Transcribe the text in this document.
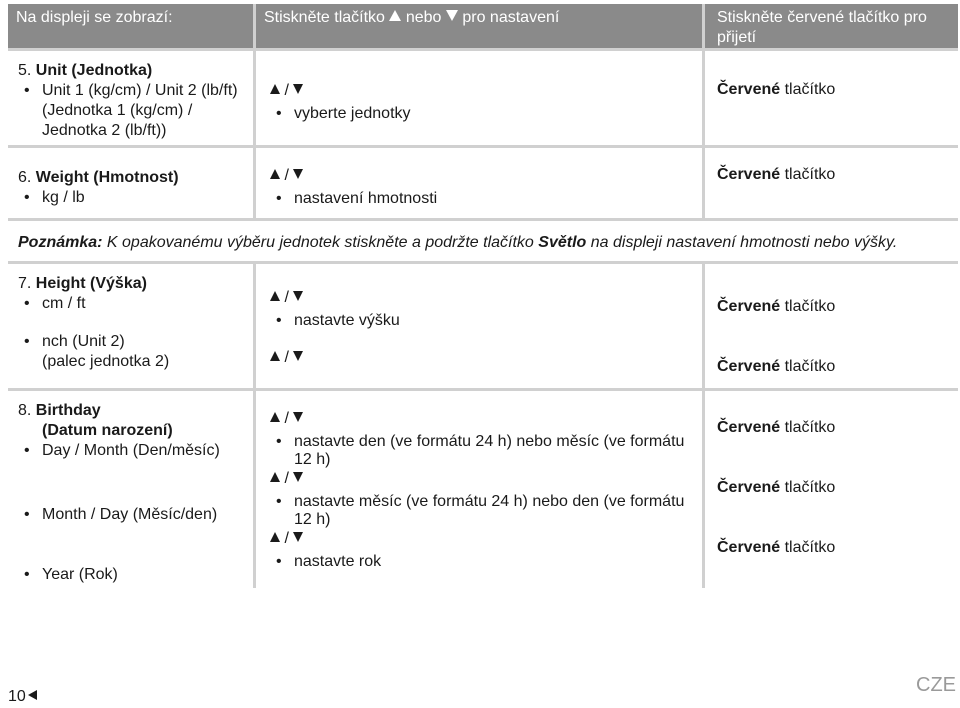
Na displeji se zobrazí:	Stiskněte tlačítko nebo pro nastavení	Stiskněte červené tlačítko pro
přijetí
5. Unit (Jednotka)
• Unit 1 (kg/cm) / Unit 2 (lb/ft)
(Jednotka 1 (kg/cm) /
Jednotka 2 (lb/ft))
/
• vyberte jednotky
Červené tlačítko
6. Weight (Hmotnost)
• kg / lb
/
• nastavení hmotnosti
Červené tlačítko
Poznámka: K opakovanému výběru jednotek stiskněte a podržte tlačítko Světlo na displeji nastavení hmotnosti nebo výšky.
7. Height (Výška)
• cm / ft
• nch (Unit 2)
(palec jednotka 2)
/
• nastavte výšku
/
Červené tlačítko
Červené tlačítko
8. Birthday
(Datum narození)
• Day / Month (Den/měsíc)
• Month / Day (Měsíc/den)
• Year (Rok)
/
• nastavte den (ve formátu 24 h) nebo měsíc (ve formátu 12 h)
/
• nastavte měsíc (ve formátu 24 h) nebo den (ve formátu 12 h)
/
• nastavte rok
Červené tlačítko
Červené tlačítko
Červené tlačítko
10
CZE
